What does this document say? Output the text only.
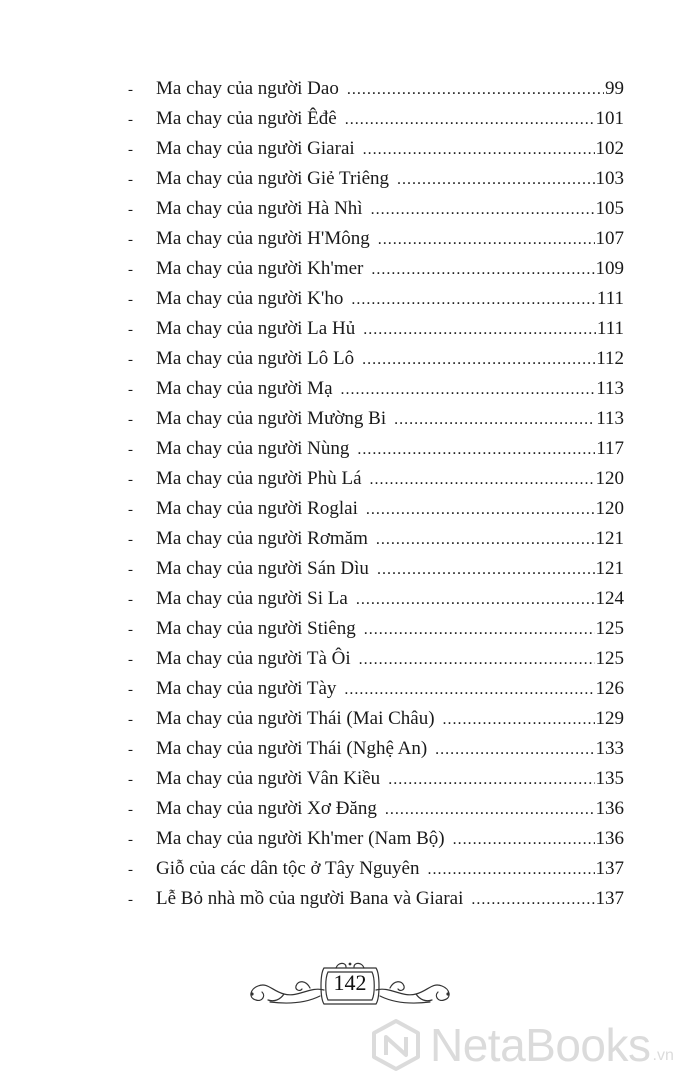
-	Ma chay của người Dao .....	99
-	Ma chay của người Êđê .....	101
-	Ma chay của người Giarai .....	102
-	Ma chay của người Giẻ Triêng .....	103
-	Ma chay của người Hà Nhì .....	105
-	Ma chay của người H'Mông .....	107
-	Ma chay của người Kh'mer .....	109
-	Ma chay của người K'ho .....	111
-	Ma chay của người La Hủ .....	111
-	Ma chay của người Lô Lô .....	112
-	Ma chay của người Mạ .....	113
-	Ma chay của người Mường Bi .....	113
-	Ma chay của người Nùng .....	117
-	Ma chay của người Phù Lá .....	120
-	Ma chay của người Roglai .....	120
-	Ma chay của người Rơmăm .....	121
-	Ma chay của người Sán Dìu .....	121
-	Ma chay của người Si La .....	124
-	Ma chay của người Stiêng .....	125
-	Ma chay của người Tà Ôi .....	125
-	Ma chay của người Tày .....	126
-	Ma chay của người Thái (Mai Châu) .....	129
-	Ma chay của người Thái (Nghệ An) .....	133
-	Ma chay của người Vân Kiều .....	135
-	Ma chay của người Xơ Đăng .....	136
-	Ma chay của người Kh'mer (Nam Bộ) .....	136
-	Giỗ của các dân tộc ở Tây Nguyên .....	137
-	Lễ Bỏ nhà mồ của người Bana và Giarai .....	137
142
NetaBooks .vn
